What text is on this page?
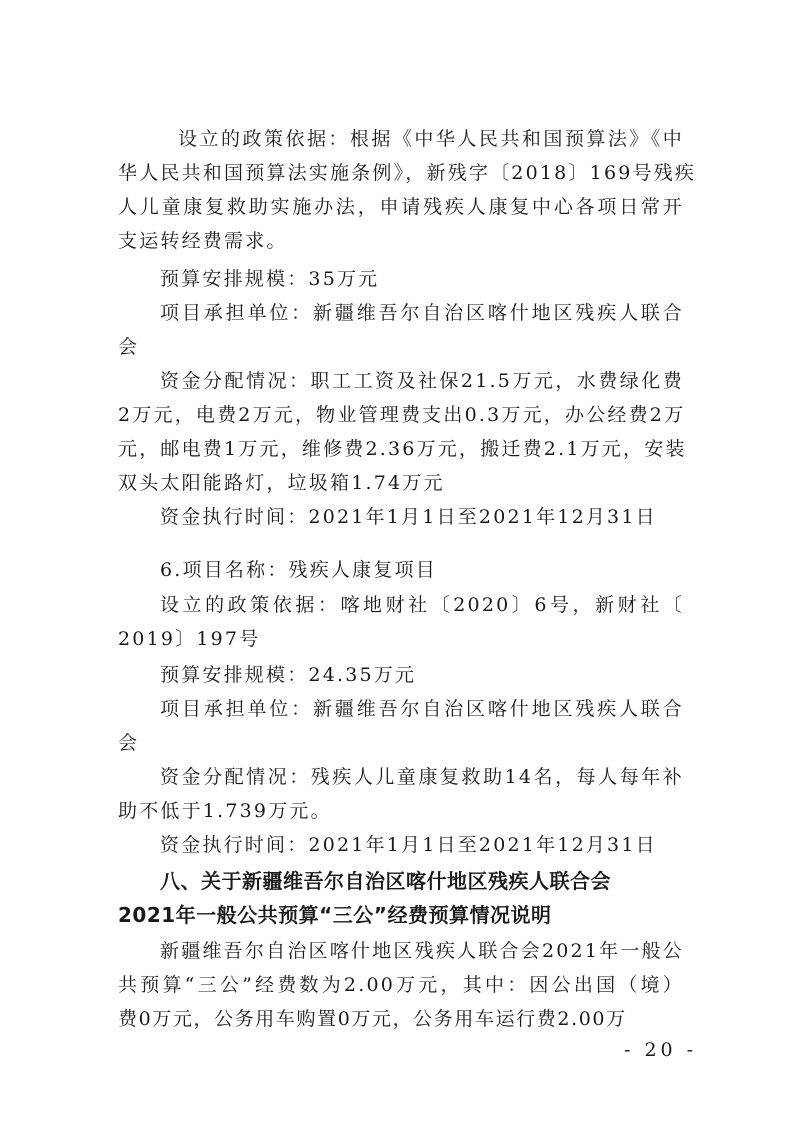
设立的政策依据：根据《中华人民共和国预算法》《中
华人民共和国预算法实施条例》，新残字〔2018〕169号残疾
人儿童康复救助实施办法，申请残疾人康复中心各项日常开
支运转经费需求。
预算安排规模：35万元
项目承担单位：新疆维吾尔自治区喀什地区残疾人联合
会
资金分配情况：职工工资及社保21.5万元，水费绿化费
2万元，电费2万元，物业管理费支出0.3万元，办公经费2万
元，邮电费1万元，维修费2.36万元，搬迁费2.1万元，安装
双头太阳能路灯，垃圾箱1.74万元
资金执行时间：2021年1月1日至2021年12月31日
6.项目名称：残疾人康复项目
设立的政策依据：喀地财社〔2020〕6号，新财社〔
2019〕197号
预算安排规模：24.35万元
项目承担单位：新疆维吾尔自治区喀什地区残疾人联合
会
资金分配情况：残疾人儿童康复救助14名，每人每年补
助不低于1.739万元。
资金执行时间：2021年1月1日至2021年12月31日
八、关于新疆维吾尔自治区喀什地区残疾人联合会
2021年一般公共预算“三公”经费预算情况说明
新疆维吾尔自治区喀什地区残疾人联合会2021年一般公
共预算“三公”经费数为2.00万元，其中：因公出国（境）
费0万元，公务用车购置0万元，公务用车运行费2.00万
- 20 -
